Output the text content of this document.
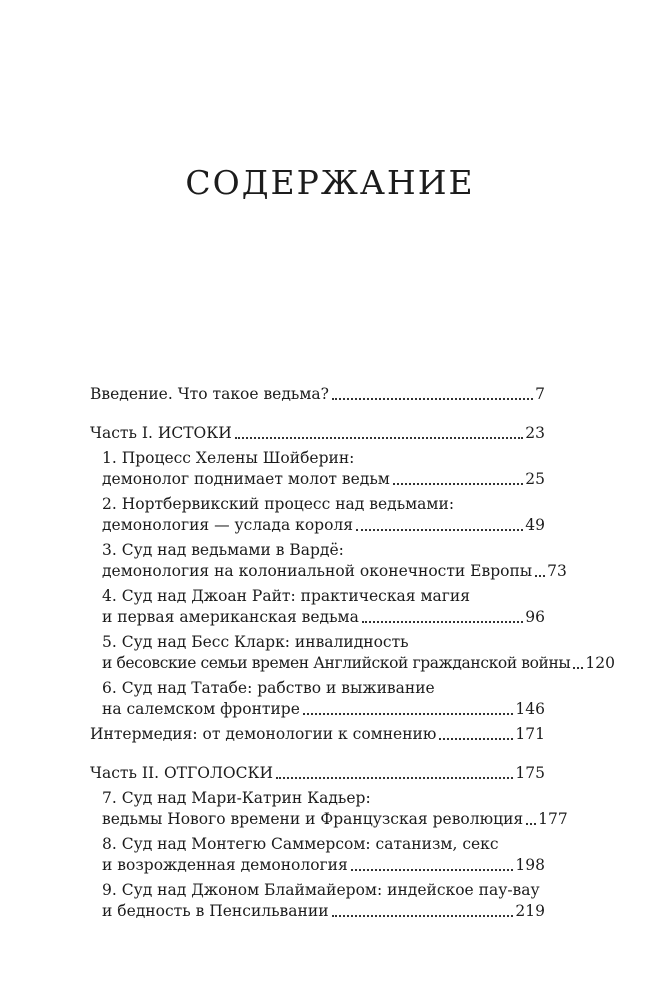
СОДЕРЖАНИЕ
Введение. Что такое ведьма?	7
Часть I. ИСТОКИ	23
1. Процесс Хелены Шойберин:
демонолог поднимает молот ведьм	25
2. Нортбервикский процесс над ведьмами:
демонология — услада короля	49
3. Суд над ведьмами в Вардё:
демонология на колониальной оконечности Европы 73
4. Суд над Джоан Райт: практическая магия
и первая американская ведьма	96
5. Суд над Бесс Кларк: инвалидность
и бесовские семьи времен Английской гражданской войны 120
6. Суд над Татабе: рабство и выживание
на салемском фронтире	146
Интермедия: от демонологии к сомнению	171
Часть II. ОТГОЛОСКИ	175
7. Суд над Мари-Катрин Кадьер:
ведьмы Нового времени и Французская революция 177
8. Суд над Монтегю Саммерсом: сатанизм, секс
и возрожденная демонология	198
9. Суд над Джоном Блаймайером: индейское пау-вау
и бедность в Пенсильвании	219
